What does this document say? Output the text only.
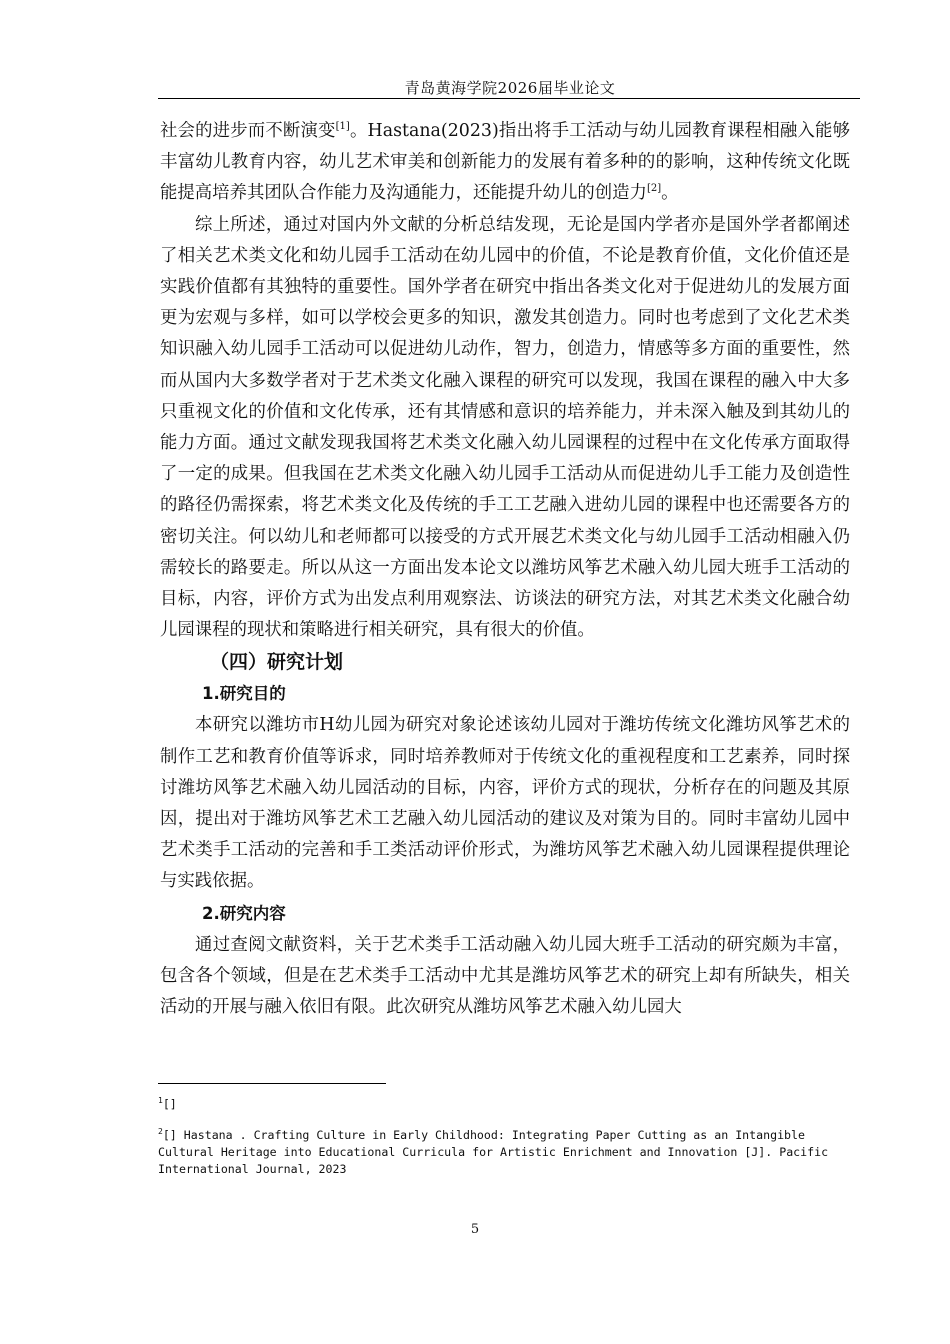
青岛黄海学院2026届毕业论文

社会的进步而不断演变[1]。Hastana(2023)指出将手工活动与幼儿园教育课程相融入能够丰富幼儿教育内容，幼儿艺术审美和创新能力的发展有着多种的的影响，这种传统文化既能提高培养其团队合作能力及沟通能力，还能提升幼儿的创造力[2]。

综上所述，通过对国内外文献的分析总结发现，无论是国内学者亦是国外学者都阐述了相关艺术类文化和幼儿园手工活动在幼儿园中的价值，不论是教育价值，文化价值还是实践价值都有其独特的重要性。国外学者在研究中指出各类文化对于促进幼儿的发展方面更为宏观与多样，如可以学校会更多的知识，激发其创造力。同时也考虑到了文化艺术类知识融入幼儿园手工活动可以促进幼儿动作，智力，创造力，情感等多方面的重要性，然而从国内大多数学者对于艺术类文化融入课程的研究可以发现，我国在课程的融入中大多只重视文化的价值和文化传承，还有其情感和意识的培养能力，并未深入触及到其幼儿的能力方面。通过文献发现我国将艺术类文化融入幼儿园课程的过程中在文化传承方面取得了一定的成果。但我国在艺术类文化融入幼儿园手工活动从而促进幼儿手工能力及创造性的路径仍需探索，将艺术类文化及传统的手工工艺融入进幼儿园的课程中也还需要各方的密切关注。何以幼儿和老师都可以接受的方式开展艺术类文化与幼儿园手工活动相融入仍需较长的路要走。所以从这一方面出发本论文以潍坊风筝艺术融入幼儿园大班手工活动的目标，内容，评价方式为出发点利用观察法、访谈法的研究方法，对其艺术类文化融合幼儿园课程的现状和策略进行相关研究，具有很大的价值。

（四）研究计划
1.研究目的

本研究以潍坊市H幼儿园为研究对象论述该幼儿园对于潍坊传统文化潍坊风筝艺术的制作工艺和教育价值等诉求，同时培养教师对于传统文化的重视程度和工艺素养，同时探讨潍坊风筝艺术融入幼儿园活动的目标，内容，评价方式的现状，分析存在的问题及其原因，提出对于潍坊风筝艺术工艺融入幼儿园活动的建议及对策为目的。同时丰富幼儿园中艺术类手工活动的完善和手工类活动评价形式，为潍坊风筝艺术融入幼儿园课程提供理论与实践依据。

2.研究内容

通过查阅文献资料，关于艺术类手工活动融入幼儿园大班手工活动的研究颇为丰富，包含各个领域，但是在艺术类手工活动中尤其是潍坊风筝艺术的研究上却有所缺失，相关活动的开展与融入依旧有限。此次研究从潍坊风筝艺术融入幼儿园大

$^1$[]

$^2$[] Hastana . Crafting Culture in Early Childhood: Integrating Paper Cutting as an Intangible Cultural Heritage into Educational Curricula for Artistic Enrichment and Innovation [J]. Pacific International Journal, 2023

5
